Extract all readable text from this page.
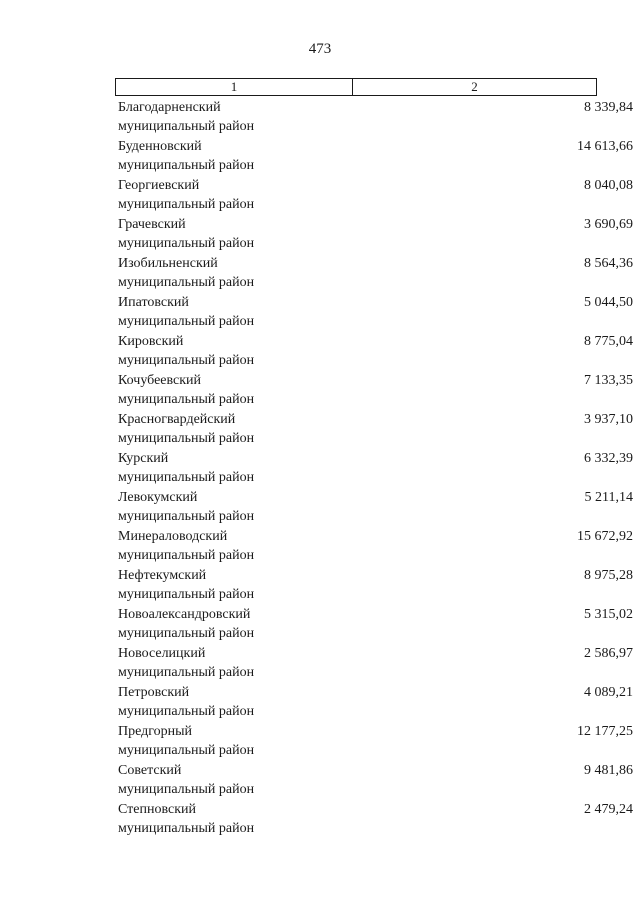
473
1	2
Благодарненский
муниципальный район
8 339,84
Буденновский
муниципальный район
14 613,66
Георгиевский
муниципальный район
8 040,08
Грачевский
муниципальный район
3 690,69
Изобильненский
муниципальный район
8 564,36
Ипатовский
муниципальный район
5 044,50
Кировский
муниципальный район
8 775,04
Кочубеевский
муниципальный район
7 133,35
Красногвардейский
муниципальный район
3 937,10
Курский
муниципальный район
6 332,39
Левокумский
муниципальный район
5 211,14
Минераловодский
муниципальный район
15 672,92
Нефтекумский
муниципальный район
8 975,28
Новоалександровский
муниципальный район
5 315,02
Новоселицкий
муниципальный район
2 586,97
Петровский
муниципальный район
4 089,21
Предгорный
муниципальный район
12 177,25
Советский
муниципальный район
9 481,86
Степновский
муниципальный район
2 479,24
